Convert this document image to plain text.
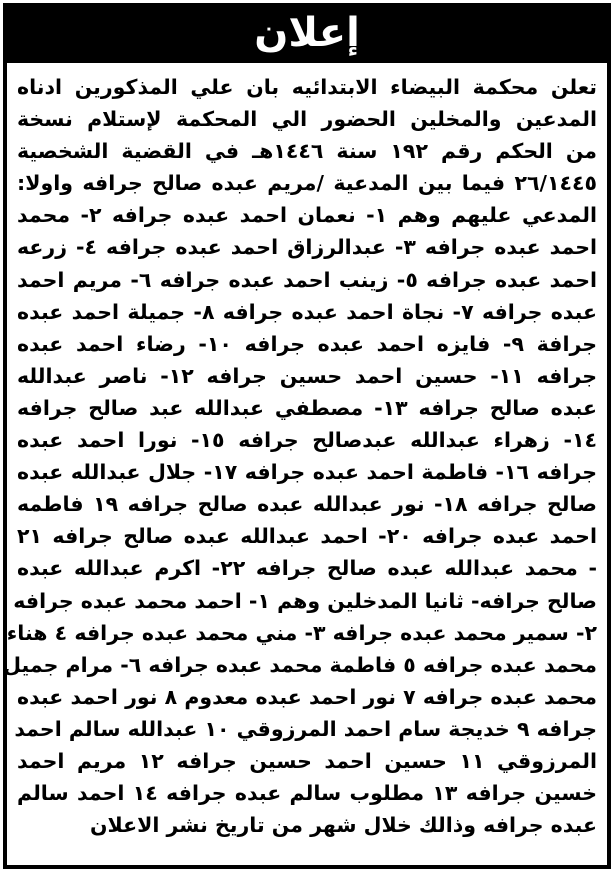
إعلان
تعلن محكمة البيضاء الابتدائيه بان علي المذكورين ادناه
المدعين والمخلين الحضور الي المحكمة لإستلام نسخة
من الحكم رقم ١٩٢ سنة ١٤٤٦هـ في القضية الشخصية
٢٦/١٤٤٥ فيما بين المدعية /مريم عبده صالح جرافه واولا:
المدعي عليهم وهم ١- نعمان احمد عبده جرافه ٢- محمد
احمد عبده جرافه ٣- عبدالرزاق احمد عبده جرافه ٤- زرعه
احمد عبده جرافه ٥- زينب احمد عبده جرافه ٦- مريم احمد
عبده جرافه ٧- نجاة احمد عبده جرافه ٨- جميلة احمد عبده
جرافة ٩- فايزه احمد عبده جرافه ١٠- رضاء احمد عبده
جرافه ١١- حسين احمد حسين جرافه ١٢- ناصر عبدالله
عبده صالح جرافه ١٣- مصطفي عبدالله عبد صالح جرافه
١٤- زهراء عبدالله عبدصالح جرافه ١٥- نورا احمد عبده
جرافه ١٦- فاطمة احمد عبده جرافه ١٧- جلال عبدالله عبده
صالح جرافه ١٨- نور عبدالله عبده صالح جرافه ١٩ فاطمه
احمد عبده جرافه ٢٠- احمد عبدالله عبده صالح جرافه ٢١
- محمد عبدالله عبده صالح جرافه ٢٢- اكرم عبدالله عبده
صالح جرافه- ثانيا المدخلين وهم ١- احمد محمد عبده جرافه
٢- سمير محمد عبده جرافه ٣- مني محمد عبده جرافه ٤ هناء
محمد عبده جرافه ٥ فاطمة محمد عبده جرافه ٦- مرام جميل
محمد عبده جرافه ٧ نور احمد عبده معدوم ٨ نور احمد عبده
جرافه ٩ خديجة سام احمد المرزوقي ١٠ عبدالله سالم احمد
المرزوقي ١١ حسين احمد حسين جرافه ١٢ مريم احمد
خسين جرافه ١٣ مطلوب سالم عبده جرافه ١٤ احمد سالم
عبده جرافه وذالك خلال شهر من تاريخ نشر الاعلان
